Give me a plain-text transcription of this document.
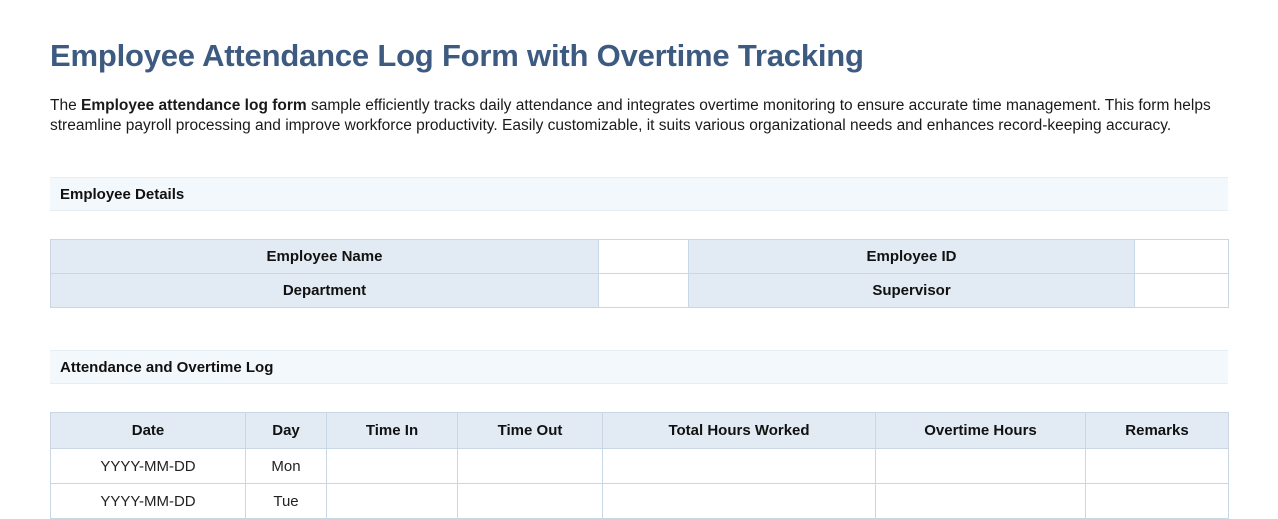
Employee Attendance Log Form with Overtime Tracking

The Employee attendance log form sample efficiently tracks daily attendance and integrates overtime monitoring to ensure accurate time management. This form helps streamline payroll processing and improve workforce productivity. Easily customizable, it suits various organizational needs and enhances record-keeping accuracy.

Employee Details
Employee Name		Employee ID	
Department		Supervisor	
Attendance and Overtime Log
Date	Day	Time In	Time Out	Total Hours Worked	Overtime Hours	Remarks
YYYY-MM-DD	Mon					
YYYY-MM-DD	Tue					
